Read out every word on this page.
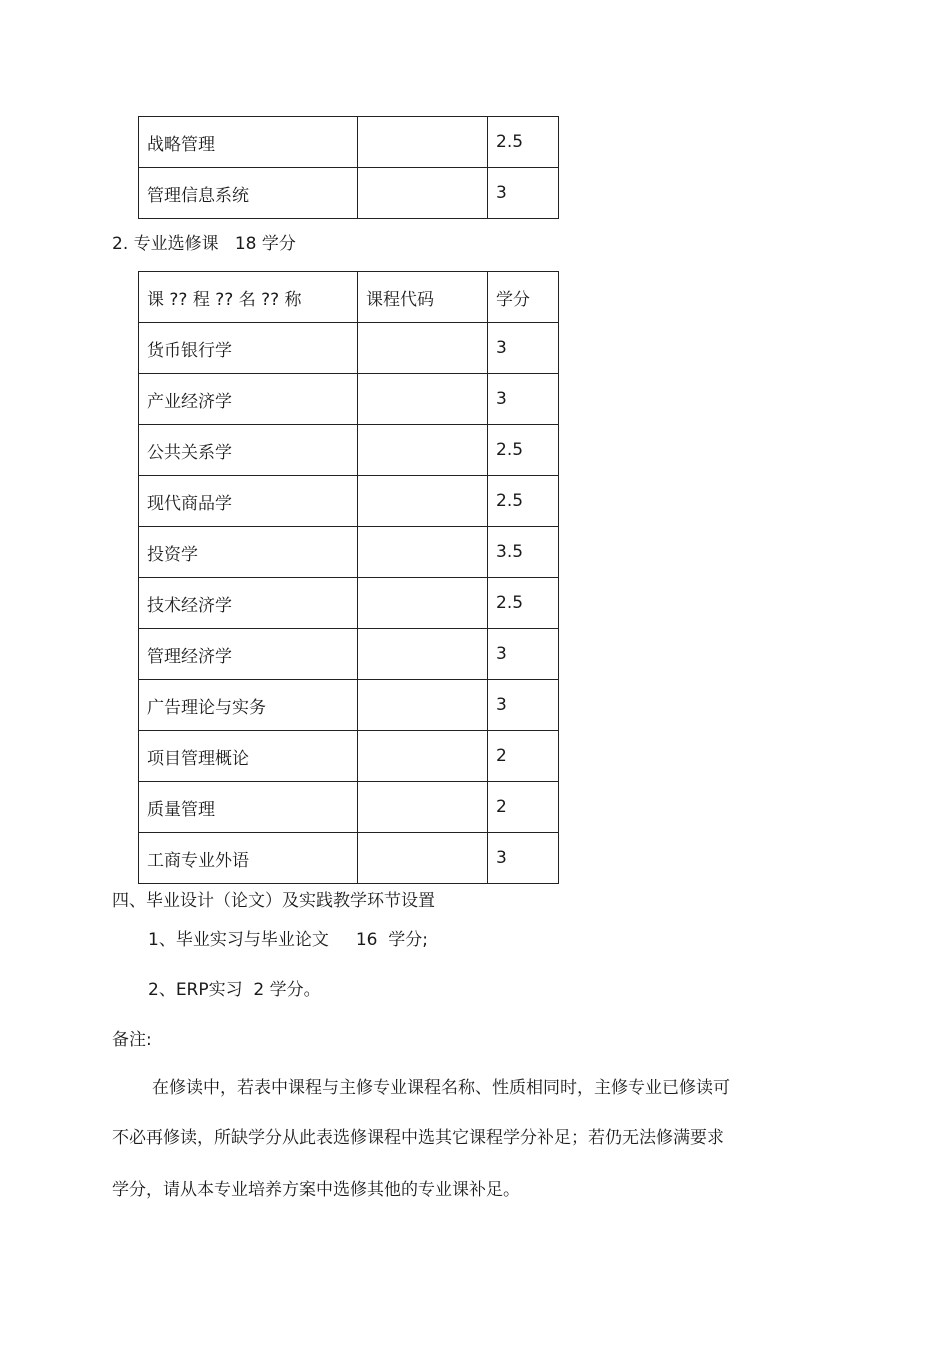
战略管理		2.5
管理信息系统		3
2. 专业选修课   18 学分
课 ?? 程 ?? 名 ?? 称	课程代码	学分
货币银行学		3
产业经济学		3
公共关系学		2.5
现代商品学		2.5
投资学		3.5
技术经济学		2.5
管理经济学		3
广告理论与实务		3
项目管理概论		2
质量管理		2
工商专业外语		3
四、毕业设计（论文）及实践教学环节设置
1、毕业实习与毕业论文     16  学分;
2、ERP实习  2 学分。
备注:
在修读中，若表中课程与主修专业课程名称、性质相同时，主修专业已修读可
不必再修读，所缺学分从此表选修课程中选其它课程学分补足；若仍无法修满要求
学分，请从本专业培养方案中选修其他的专业课补足。
